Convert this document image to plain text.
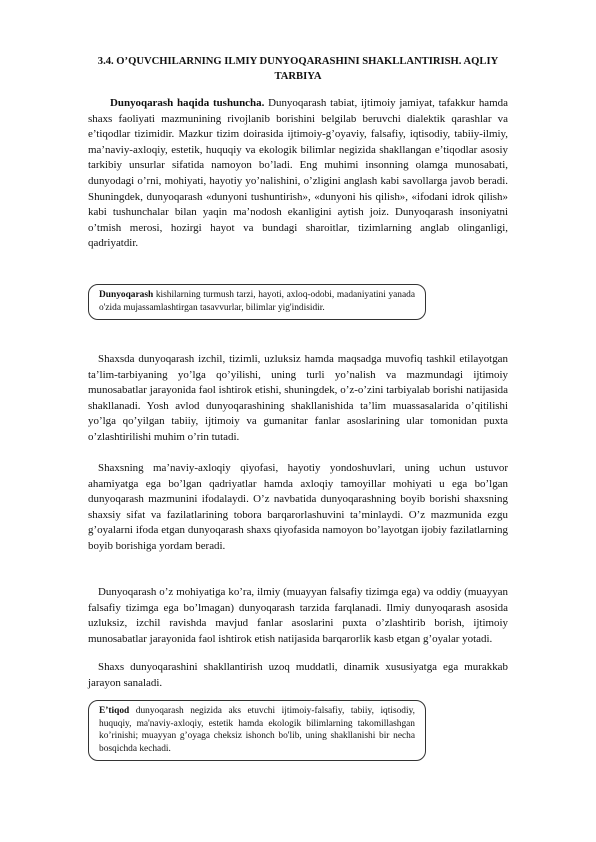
3.4. O’QUVCHILARNING ILMIY DUNYOQARASHINI SHAKLLANTIRISH. AQLIY TARBIYA

Dunyoqarash haqida tushuncha. Dunyoqarash tabiat, ijtimoiy jamiyat, tafakkur hamda shaxs faoliyati mazmunining rivojlanib borishini belgilab beruvchi dialektik qarashlar va e’tiqodlar tizimidir. Mazkur tizim doirasida ijtimoiy-g’oyaviy, falsafiy, iqtisodiy, tabiiy-ilmiy, ma’naviy-axloqiy, estetik, huquqiy va ekologik bilimlar negizida shakllangan e’tiqodlar asosiy tarkibiy unsurlar sifatida namoyon bo’ladi. Eng muhimi insonning olamga munosabati, dunyodagi o’rni, mohiyati, hayotiy yo’nalishini, o’zligini anglash kabi savollarga javob beradi. Shuningdek, dunyoqarash «dunyoni tushuntirish», «dunyoni his qilish», «ifodani idrok qilish» kabi tushunchalar bilan yaqin ma’nodosh ekanligini aytish joiz. Dunyoqarash insoniyatni o’tmish merosi, hozirgi hayot va bundagi sharoitlar, tizimlarning anglab olinganligi, qadriyatdir.

Dunyoqarash kishilarning turmush tarzi, hayoti, axloq-odobi, madaniyatini yanada o'zida mujassamlashtirgan tasavvurlar, bilimlar yig'indisidir.

Shaxsda dunyoqarash izchil, tizimli, uzluksiz hamda maqsadga muvofiq tashkil etilayotgan ta’lim-tarbiyaning yo’lga qo’yilishi, uning turli yo’nalish va mazmundagi ijtimoiy munosabatlar jarayonida faol ishtirok etishi, shuningdek, o’z-o’zini tarbiyalab borishi natijasida shakllanadi. Yosh avlod dunyoqarashining shakllanishida ta’lim muassasalarida o’qitilishi yo’lga qo’yilgan tabiiy, ijtimoiy va gumanitar fanlar asoslarining ular tomonidan puxta o’zlashtirilishi muhim o’rin tutadi.

Shaxsning ma’naviy-axloqiy qiyofasi, hayotiy yondoshuvlari, uning uchun ustuvor ahamiyatga ega bo’lgan qadriyatlar hamda axloqiy tamoyillar mohiyati u ega bo’lgan dunyoqarash mazmunini ifodalaydi. O’z navbatida dunyoqarashning boyib borishi shaxsning shaxsiy sifat va fazilatlarining tobora barqarorlashuvini ta’minlaydi. O’z mazmunida ezgu g’oyalarni ifoda etgan dunyoqarash shaxs qiyofasida namoyon bo’layotgan ijobiy fazilatlarning boyib borishiga yordam beradi.

Dunyoqarash o’z mohiyatiga ko’ra, ilmiy (muayyan falsafiy tizimga ega) va oddiy (muayyan falsafiy tizimga ega bo’lmagan) dunyoqarash tarzida farqlanadi. Ilmiy dunyoqarash asosida uzluksiz, izchil ravishda mavjud fanlar asoslarini puxta o’zlashtirib borish, ijtimoiy munosabatlar jarayonida faol ishtirok etish natijasida barqarorlik kasb etgan g’oyalar yotadi.

Shaxs dunyoqarashini shakllantirish uzoq muddatli, dinamik xususiyatga ega murakkab jarayon sanaladi.

E’tiqod dunyoqarash negizida aks etuvchi ijtimoiy-falsafiy, tabiiy, iqtisodiy, huquqiy, ma'naviy-axloqiy, estetik hamda ekologik bilimlarning takomillashgan ko’rinishi; muayyan g’oyaga cheksiz ishonch bo'lib, uning shakllanishi bir necha bosqichda kechadi.
